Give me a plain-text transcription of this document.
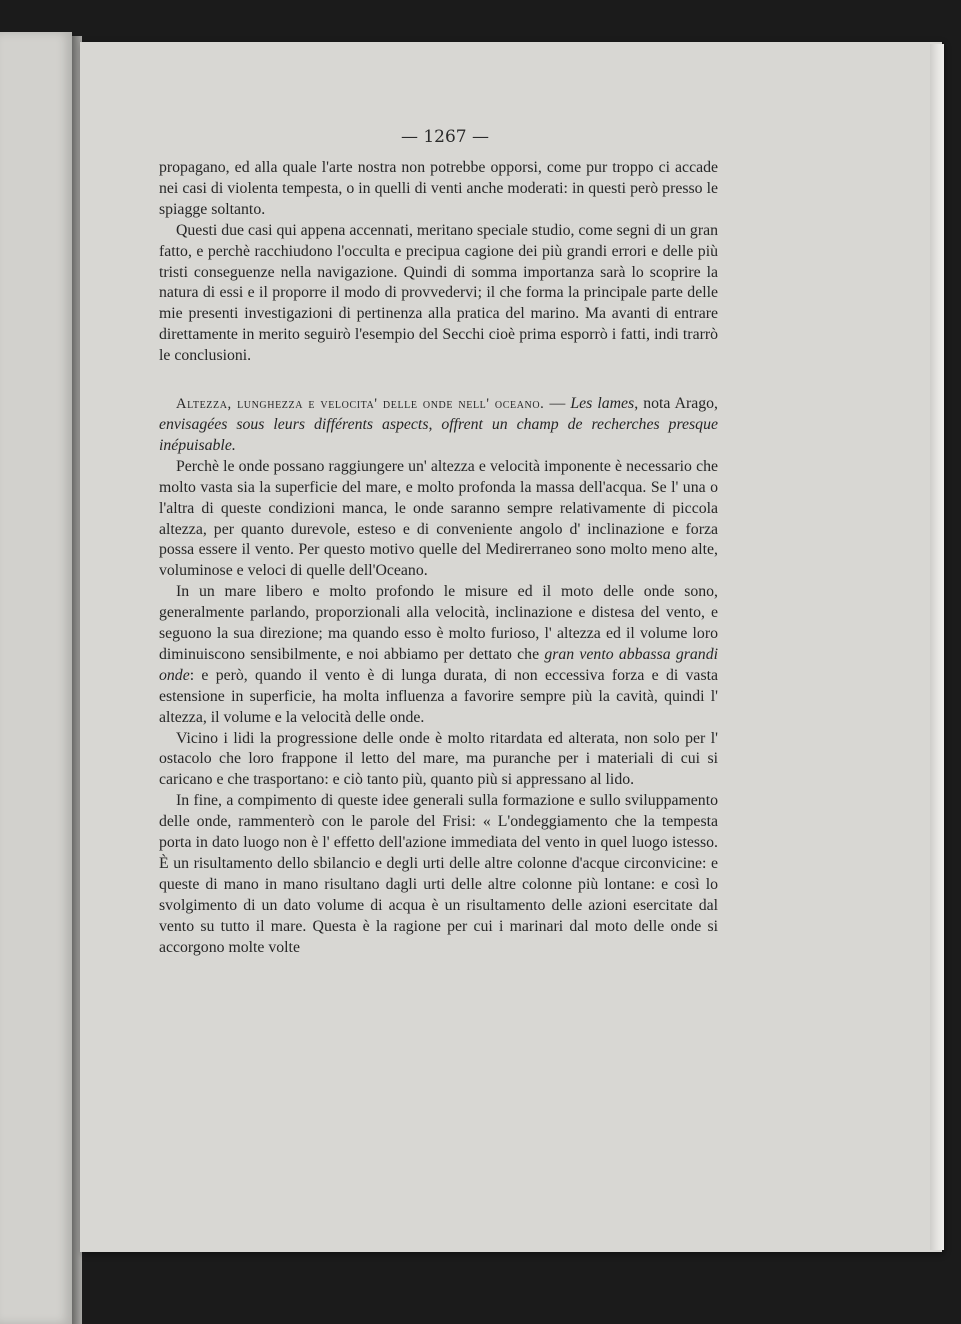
— 1267 —

propagano, ed alla quale l'arte nostra non potrebbe opporsi, come pur troppo ci accade nei casi di violenta tempesta, o in quelli di venti anche moderati: in questi però presso le spiagge soltanto.

Questi due casi qui appena accennati, meritano speciale studio, come segni di un gran fatto, e perchè racchiudono l'occulta e precipua cagione dei più grandi errori e delle più tristi conseguenze nella navigazione. Quindi di somma importanza sarà lo scoprire la natura di essi e il proporre il modo di provvedervi; il che forma la principale parte delle mie presenti investigazioni di pertinenza alla pratica del marino. Ma avanti di entrare direttamente in merito seguirò l'esempio del Secchi cioè prima esporrò i fatti, indi trarrò le conclusioni.

Altezza, lunghezza e velocita' delle onde nell' oceano. — Les lames, nota Arago, envisagées sous leurs différents aspects, offrent un champ de recherches presque inépuisable.

Perchè le onde possano raggiungere un' altezza e velocità imponente è necessario che molto vasta sia la superficie del mare, e molto profonda la massa dell'acqua. Se l' una o l'altra di queste condizioni manca, le onde saranno sempre relativamente di piccola altezza, per quanto durevole, esteso e di conveniente angolo d' inclinazione e forza possa essere il vento. Per questo motivo quelle del Medirerraneo sono molto meno alte, voluminose e veloci di quelle dell'Oceano.

In un mare libero e molto profondo le misure ed il moto delle onde sono, generalmente parlando, proporzionali alla velocità, inclinazione e distesa del vento, e seguono la sua direzione; ma quando esso è molto furioso, l' altezza ed il volume loro diminuiscono sensibilmente, e noi abbiamo per dettato che gran vento abbassa grandi onde: e però, quando il vento è di lunga durata, di non eccessiva forza e di vasta estensione in superficie, ha molta influenza a favorire sempre più la cavità, quindi l' altezza, il volume e la velocità delle onde.

Vicino i lidi la progressione delle onde è molto ritardata ed alterata, non solo per l' ostacolo che loro frappone il letto del mare, ma puranche per i materiali di cui si caricano e che trasportano: e ciò tanto più, quanto più si appressano al lido.

In fine, a compimento di queste idee generali sulla formazione e sullo sviluppamento delle onde, rammenterò con le parole del Frisi: « L'ondeggiamento che la tempesta porta in dato luogo non è l' effetto dell'azione immediata del vento in quel luogo istesso. È un risultamento dello sbilancio e degli urti delle altre colonne d'acque circonvicine: e queste di mano in mano risultano dagli urti delle altre colonne più lontane: e così lo svolgimento di un dato volume di acqua è un risultamento delle azioni esercitate dal vento su tutto il mare. Questa è la ragione per cui i marinari dal moto delle onde si accorgono molte volte
